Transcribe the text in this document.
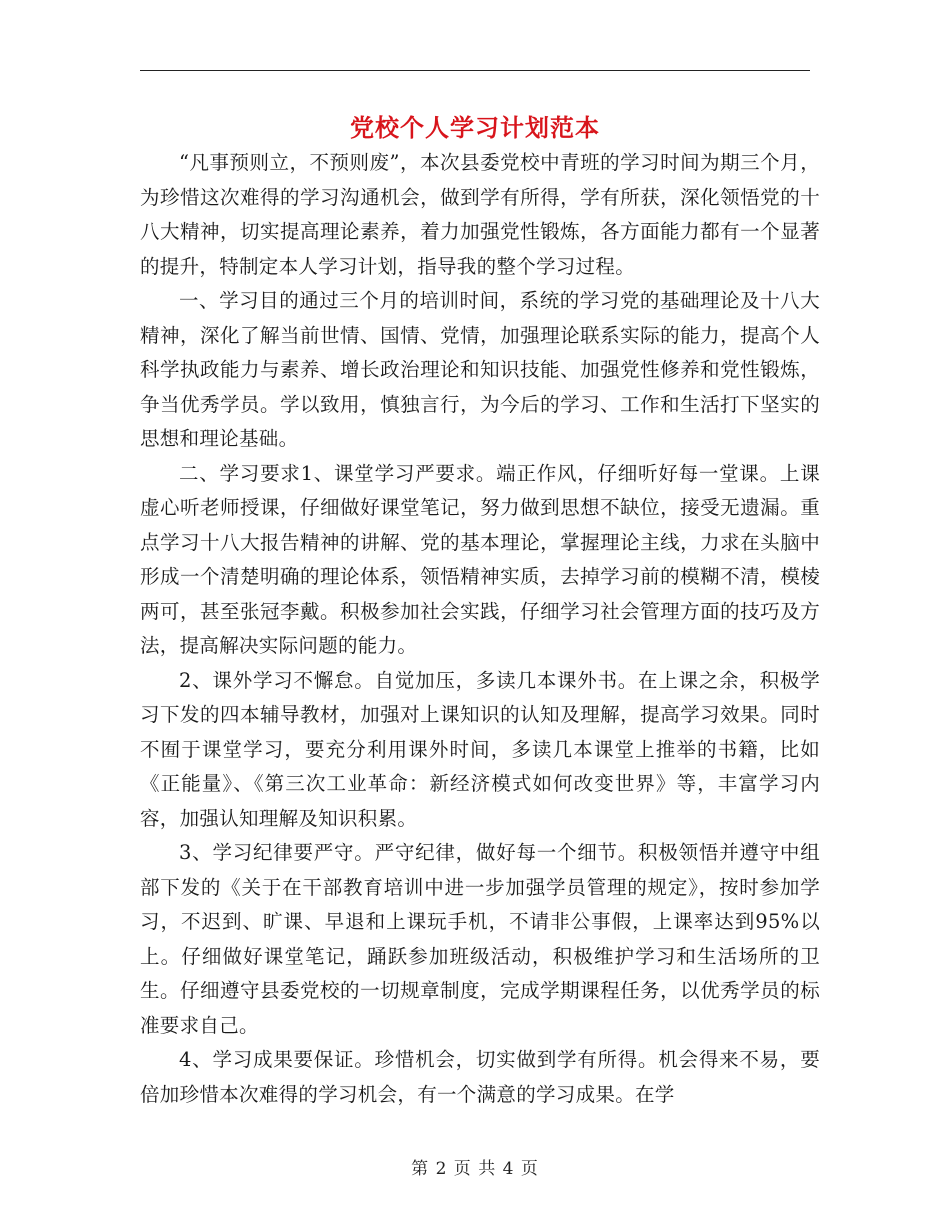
党校个人学习计划范本

“凡事预则立，不预则废”，本次县委党校中青班的学习时间为期三个月，为珍惜这次难得的学习沟通机会，做到学有所得，学有所获，深化领悟党的十八大精神，切实提高理论素养，着力加强党性锻炼，各方面能力都有一个显著的提升，特制定本人学习计划，指导我的整个学习过程。

一、学习目的通过三个月的培训时间，系统的学习党的基础理论及十八大精神，深化了解当前世情、国情、党情，加强理论联系实际的能力，提高个人科学执政能力与素养、增长政治理论和知识技能、加强党性修养和党性锻炼，争当优秀学员。学以致用，慎独言行，为今后的学习、工作和生活打下坚实的思想和理论基础。

二、学习要求1、课堂学习严要求。端正作风，仔细听好每一堂课。上课虚心听老师授课，仔细做好课堂笔记，努力做到思想不缺位，接受无遗漏。重点学习十八大报告精神的讲解、党的基本理论，掌握理论主线，力求在头脑中形成一个清楚明确的理论体系，领悟精神实质，去掉学习前的模糊不清，模棱两可，甚至张冠李戴。积极参加社会实践，仔细学习社会管理方面的技巧及方法，提高解决实际问题的能力。

2、课外学习不懈怠。自觉加压，多读几本课外书。在上课之余，积极学习下发的四本辅导教材，加强对上课知识的认知及理解，提高学习效果。同时不囿于课堂学习，要充分利用课外时间，多读几本课堂上推举的书籍，比如《正能量》、《第三次工业革命：新经济模式如何改变世界》等，丰富学习内容，加强认知理解及知识积累。

3、学习纪律要严守。严守纪律，做好每一个细节。积极领悟并遵守中组部下发的《关于在干部教育培训中进一步加强学员管理的规定》，按时参加学习，不迟到、旷课、早退和上课玩手机，不请非公事假，上课率达到95%以上。仔细做好课堂笔记，踊跃参加班级活动，积极维护学习和生活场所的卫生。仔细遵守县委党校的一切规章制度，完成学期课程任务，以优秀学员的标准要求自己。

4、学习成果要保证。珍惜机会，切实做到学有所得。机会得来不易，要倍加珍惜本次难得的学习机会，有一个满意的学习成果。在学

第 2 页 共 4 页
